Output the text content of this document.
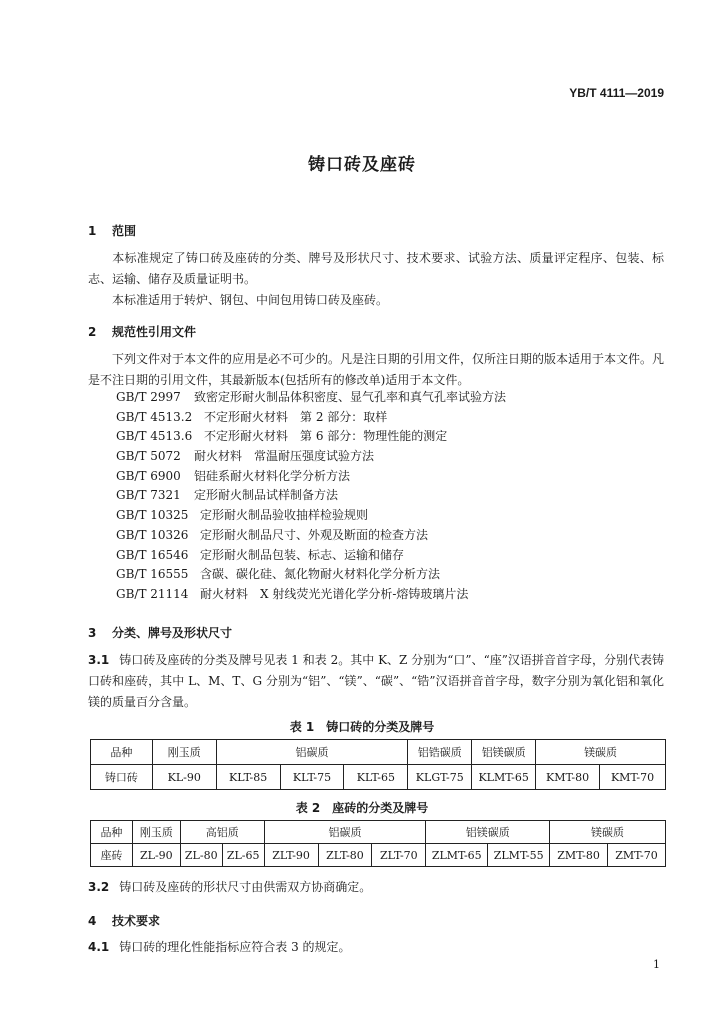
YB/T 4111—2019
铸口砖及座砖
1 范围
本标准规定了铸口砖及座砖的分类、牌号及形状尺寸、技术要求、试验方法、质量评定程序、包装、标志、运输、储存及质量证明书。
本标准适用于转炉、钢包、中间包用铸口砖及座砖。
2 规范性引用文件
下列文件对于本文件的应用是必不可少的。凡是注日期的引用文件，仅所注日期的版本适用于本文件。凡是不注日期的引用文件，其最新版本(包括所有的修改单)适用于本文件。
GB/T 2997 致密定形耐火制品体积密度、显气孔率和真气孔率试验方法
GB/T 4513.2 不定形耐火材料　第 2 部分：取样
GB/T 4513.6 不定形耐火材料　第 6 部分：物理性能的测定
GB/T 5072 耐火材料　常温耐压强度试验方法
GB/T 6900 铝硅系耐火材料化学分析方法
GB/T 7321 定形耐火制品试样制备方法
GB/T 10325 定形耐火制品验收抽样检验规则
GB/T 10326 定形耐火制品尺寸、外观及断面的检查方法
GB/T 16546 定形耐火制品包装、标志、运输和储存
GB/T 16555 含碳、碳化硅、氮化物耐火材料化学分析方法
GB/T 21114 耐火材料　X 射线荧光光谱化学分析-熔铸玻璃片法
3 分类、牌号及形状尺寸
3.1 铸口砖及座砖的分类及牌号见表 1 和表 2。其中 K、Z 分别为“口”、“座”汉语拼音首字母，分别代表铸口砖和座砖，其中 L、M、T、G 分别为“铝”、“镁”、“碳”、“锆”汉语拼音首字母，数字分别为氧化铝和氧化镁的质量百分含量。
表 1　铸口砖的分类及牌号
品种	刚玉质	铝碳质			铝锆碳质	铝镁碳质	镁碳质	
铸口砖	KL-90	KLT-85	KLT-75	KLT-65	KLGT-75	KLMT-65	KMT-80	KMT-70
表 2　座砖的分类及牌号
品种	刚玉质	高铝质		铝碳质			铝镁碳质		镁碳质	
座砖	ZL-90	ZL-80	ZL-65	ZLT-90	ZLT-80	ZLT-70	ZLMT-65	ZLMT-55	ZMT-80	ZMT-70
3.2 铸口砖及座砖的形状尺寸由供需双方协商确定。
4 技术要求
4.1 铸口砖的理化性能指标应符合表 3 的规定。
1
